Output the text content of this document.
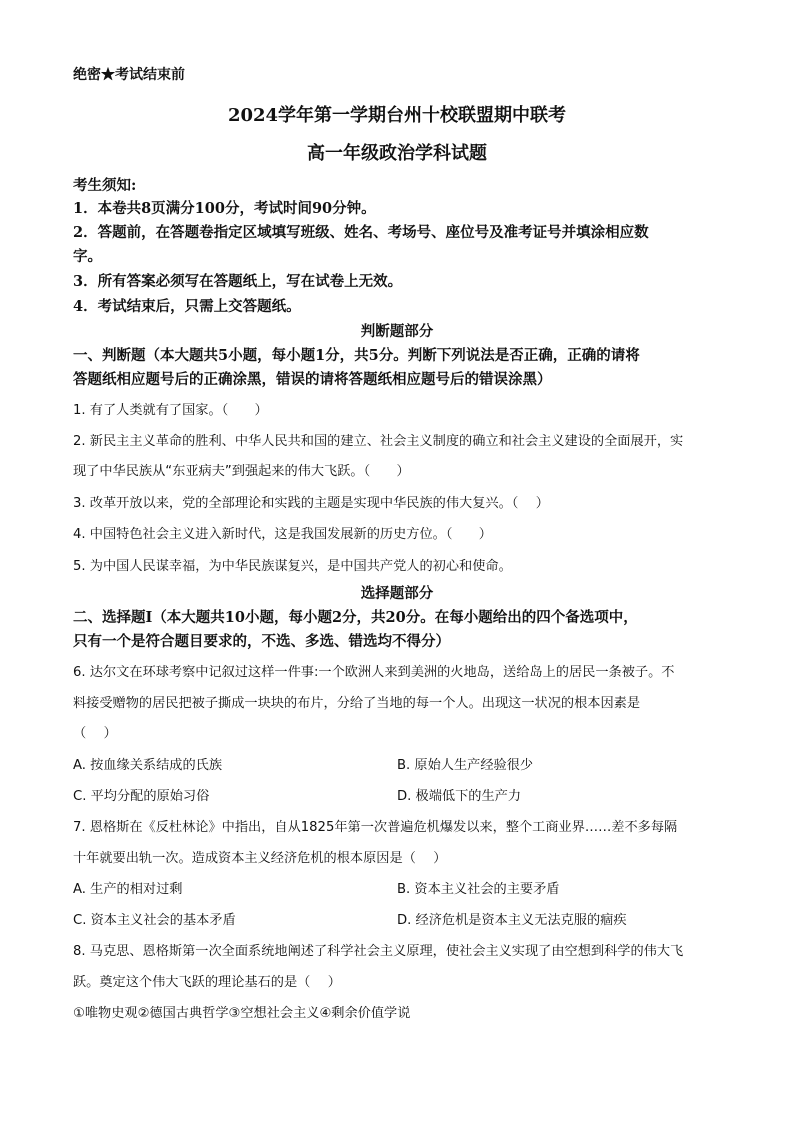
绝密★考试结束前
2024学年第一学期台州十校联盟期中联考
高一年级政治学科试题
考生须知:
1．本卷共8页满分100分，考试时间90分钟。
2．答题前，在答题卷指定区域填写班级、姓名、考场号、座位号及准考证号并填涂相应数
字。
3．所有答案必须写在答题纸上，写在试卷上无效。
4．考试结束后，只需上交答题纸。
判断题部分
一、判断题（本大题共5小题，每小题1分，共5分。判断下列说法是否正确，正确的请将
答题纸相应题号后的正确涂黑，错误的请将答题纸相应题号后的错误涂黑）
1. 有了人类就有了国家。（　　）
2. 新民主主义革命的胜利、中华人民共和国的建立、社会主义制度的确立和社会主义建设的全面展开，实
现了中华民族从“东亚病夫”到强起来的伟大飞跃。（　　）
3. 改革开放以来，党的全部理论和实践的主题是实现中华民族的伟大复兴。（　 ）
4. 中国特色社会主义进入新时代，这是我国发展新的历史方位。（　　）
5. 为中国人民谋幸福，为中华民族谋复兴，是中国共产党人的初心和使命。
选择题部分
二、选择题Ⅰ（本大题共10小题，每小题2分，共20分。在每小题给出的四个备选项中，
只有一个是符合题目要求的，不选、多选、错选均不得分）
6. 达尔文在环球考察中记叙过这样一件事:一个欧洲人来到美洲的火地岛，送给岛上的居民一条被子。不
料接受赠物的居民把被子撕成一块块的布片，分给了当地的每一个人。出现这一状况的根本因素是
（　 ）
A. 按血缘关系结成的氏族	B. 原始人生产经验很少
C. 平均分配的原始习俗	D. 极端低下的生产力
7. 恩格斯在《反杜林论》中指出，自从1825年第一次普遍危机爆发以来，整个工商业界……差不多每隔
十年就要出轨一次。造成资本主义经济危机的根本原因是（　 ）
A. 生产的相对过剩	B. 资本主义社会的主要矛盾
C. 资本主义社会的基本矛盾	D. 经济危机是资本主义无法克服的痼疾
8. 马克思、恩格斯第一次全面系统地阐述了科学社会主义原理，使社会主义实现了由空想到科学的伟大飞
跃。奠定这个伟大飞跃的理论基石的是（　 ）
①唯物史观②德国古典哲学③空想社会主义④剩余价值学说
